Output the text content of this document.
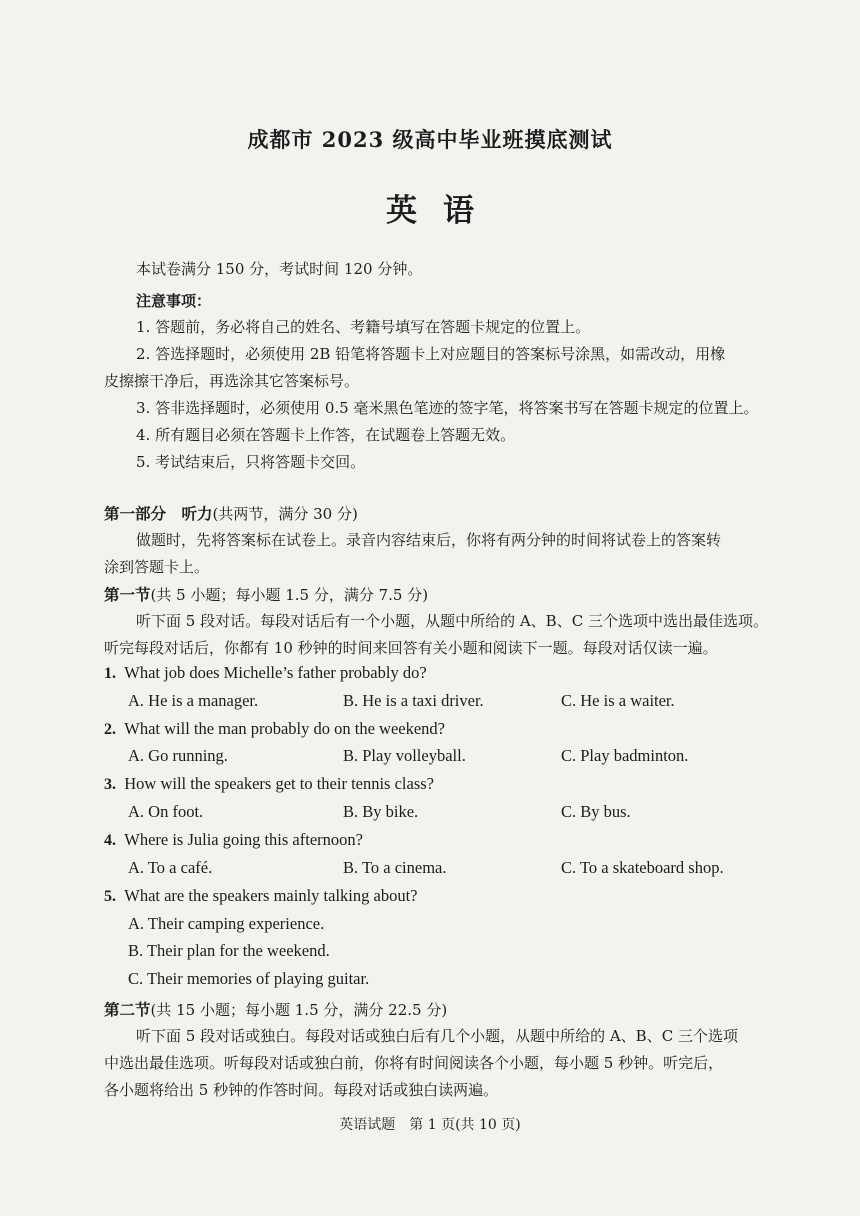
成都市 2023 级高中毕业班摸底测试
英语
本试卷满分 150 分，考试时间 120 分钟。
注意事项：
1. 答题前，务必将自己的姓名、考籍号填写在答题卡规定的位置上。
2. 答选择题时，必须使用 2B 铅笔将答题卡上对应题目的答案标号涂黑，如需改动，用橡
皮擦擦干净后，再选涂其它答案标号。
3. 答非选择题时，必须使用 0.5 毫米黑色笔迹的签字笔，将答案书写在答题卡规定的位置上。
4. 所有题目必须在答题卡上作答，在试题卷上答题无效。
5. 考试结束后，只将答题卡交回。
第一部分　听力(共两节，满分 30 分)
做题时，先将答案标在试卷上。录音内容结束后，你将有两分钟的时间将试卷上的答案转
涂到答题卡上。
第一节(共 5 小题；每小题 1.5 分，满分 7.5 分)
听下面 5 段对话。每段对话后有一个小题，从题中所给的 A、B、C 三个选项中选出最佳选项。
听完每段对话后，你都有 10 秒钟的时间来回答有关小题和阅读下一题。每段对话仅读一遍。
1. What job does Michelle’s father probably do?
A. He is a manager.	B. He is a taxi driver.	C. He is a waiter.
2. What will the man probably do on the weekend?
A. Go running.	B. Play volleyball.	C. Play badminton.
3. How will the speakers get to their tennis class?
A. On foot.	B. By bike.	C. By bus.
4. Where is Julia going this afternoon?
A. To a café.	B. To a cinema.	C. To a skateboard shop.
5. What are the speakers mainly talking about?
A. Their camping experience.
B. Their plan for the weekend.
C. Their memories of playing guitar.
第二节(共 15 小题；每小题 1.5 分，满分 22.5 分)
听下面 5 段对话或独白。每段对话或独白后有几个小题，从题中所给的 A、B、C 三个选项
中选出最佳选项。听每段对话或独白前，你将有时间阅读各个小题，每小题 5 秒钟。听完后，
各小题将给出 5 秒钟的作答时间。每段对话或独白读两遍。
英语试题　第 1 页(共 10 页)
